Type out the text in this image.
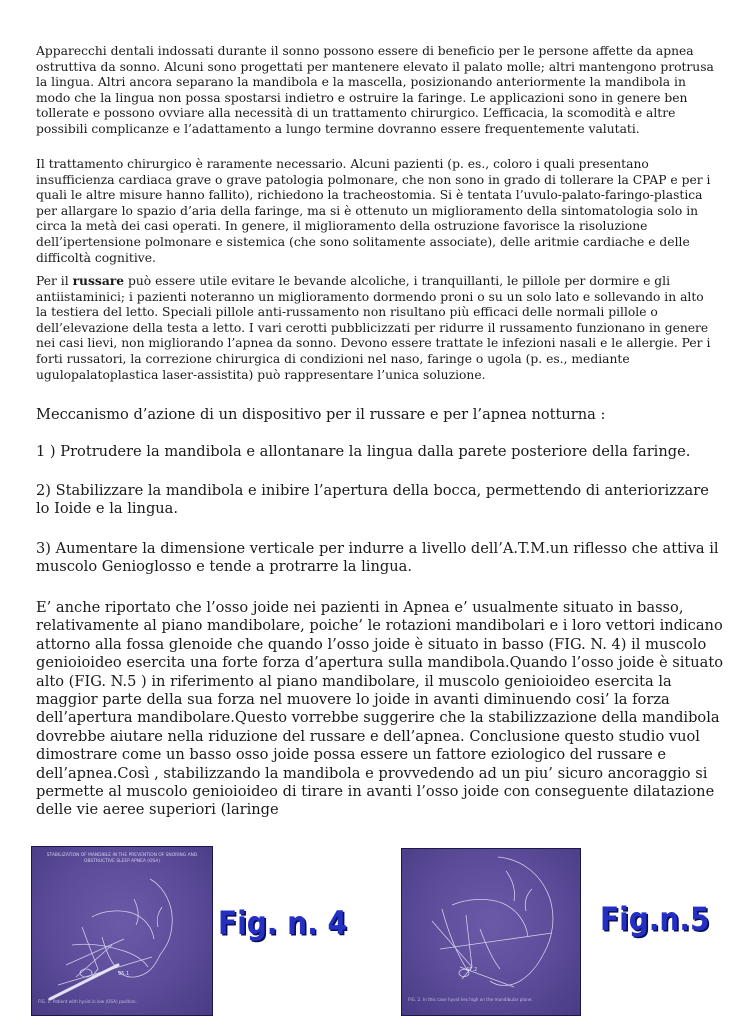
Apparecchi dentali indossati durante il sonno possono essere di beneficio per le persone affette da apnea ostruttiva da sonno. Alcuni sono progettati per mantenere elevato il palato molle; altri mantengono protrusa la lingua. Altri ancora separano la mandibola e la mascella, posizionando anteriormente la mandibola in modo che la lingua non possa spostarsi indietro e ostruire la faringe. Le applicazioni sono in genere ben tollerate e possono ovviare alla necessità di un trattamento chirurgico. L’efficacia, la scomodità e altre possibili complicanze e l’adattamento a lungo termine dovranno essere frequentemente valutati.

Il trattamento chirurgico è raramente necessario. Alcuni pazienti (p. es., coloro i quali presentano insufficienza cardiaca grave o grave patologia polmonare, che non sono in grado di tollerare la CPAP e per i quali le altre misure hanno fallito), richiedono la tracheostomia. Si è tentata l’uvulo-palato-faringo-plastica per allargare lo spazio d’aria della faringe, ma si è ottenuto un miglioramento della sintomatologia solo in circa la metà dei casi operati. In genere, il miglioramento della ostruzione favorisce la risoluzione dell’ipertensione polmonare e sistemica (che sono solitamente associate), delle aritmie cardiache e delle difficoltà cognitive.

Per il russare può essere utile evitare le bevande alcoliche, i tranquillanti, le pillole per dormire e gli antiistaminici; i pazienti noteranno un miglioramento dormendo proni o su un solo lato e sollevando in alto la testiera del letto. Speciali pillole anti-russamento non risultano più efficaci delle normali pillole o dell’elevazione della testa a letto. I vari cerotti pubblicizzati per ridurre il russamento funzionano in genere nei casi lievi, non migliorando l’apnea da sonno. Devono essere trattate le infezioni nasali e le allergie. Per i forti russatori, la correzione chirurgica di condizioni nel naso, faringe o ugola (p. es., mediante ugulopalatoplastica laser-assistita) può rappresentare l’unica soluzione.

Meccanismo d’azione di un dispositivo per il russare e per l’apnea notturna :

1 ) Protrudere la mandibola e allontanare la lingua dalla parete posteriore della faringe.

2) Stabilizzare la mandibola e inibire l’apertura della bocca, permettendo di anteriorizzare lo Ioide e la lingua.

3) Aumentare la dimensione verticale per indurre a livello dell’A.T.M.un riflesso che attiva il muscolo Genioglosso e tende a protrarre la lingua.

E’ anche riportato che l’osso joide nei pazienti in Apnea e’ usualmente situato in basso, relativamente al piano mandibolare, poiche’ le rotazioni mandibolari e i loro vettori indicano attorno alla fossa glenoide che quando l’osso joide è situato in basso (FIG. N. 4) il muscolo genioioideo esercita una forte forza d’apertura sulla mandibola.Quando l’osso joide è situato alto (FIG. N.5 ) in riferimento al piano mandibolare, il muscolo genioioideo esercita la maggior parte della sua forza nel muovere lo joide in avanti diminuendo cosi’ la forza dell’apertura mandibolare.Questo vorrebbe suggerire che la stabilizzazione della mandibola dovrebbe aiutare nella riduzione del russare e dell’apnea. Conclusione questo studio vuol dimostrare come un basso osso joide possa essere un fattore eziologico del russare e dell’apnea.Così , stabilizzando la mandibola e provvedendo ad un piu’ sicuro ancoraggio si permette al muscolo genioioideo di tirare in avanti l’osso joide con conseguente dilatazione delle vie aeree superiori (laringe

STABILIZATION OF MANDIBLE IN THE PREVENTION OF SNORING AND OBSTRUCTIVE SLEEP APNEA (OSA)

95.1

FIG. 1. Patient with hyoid in low (OSA) position.

Fig. n. 4
47.2

FIG. 2. In this case hyoid lies high on the mandibular plane.

Fig.n.5
